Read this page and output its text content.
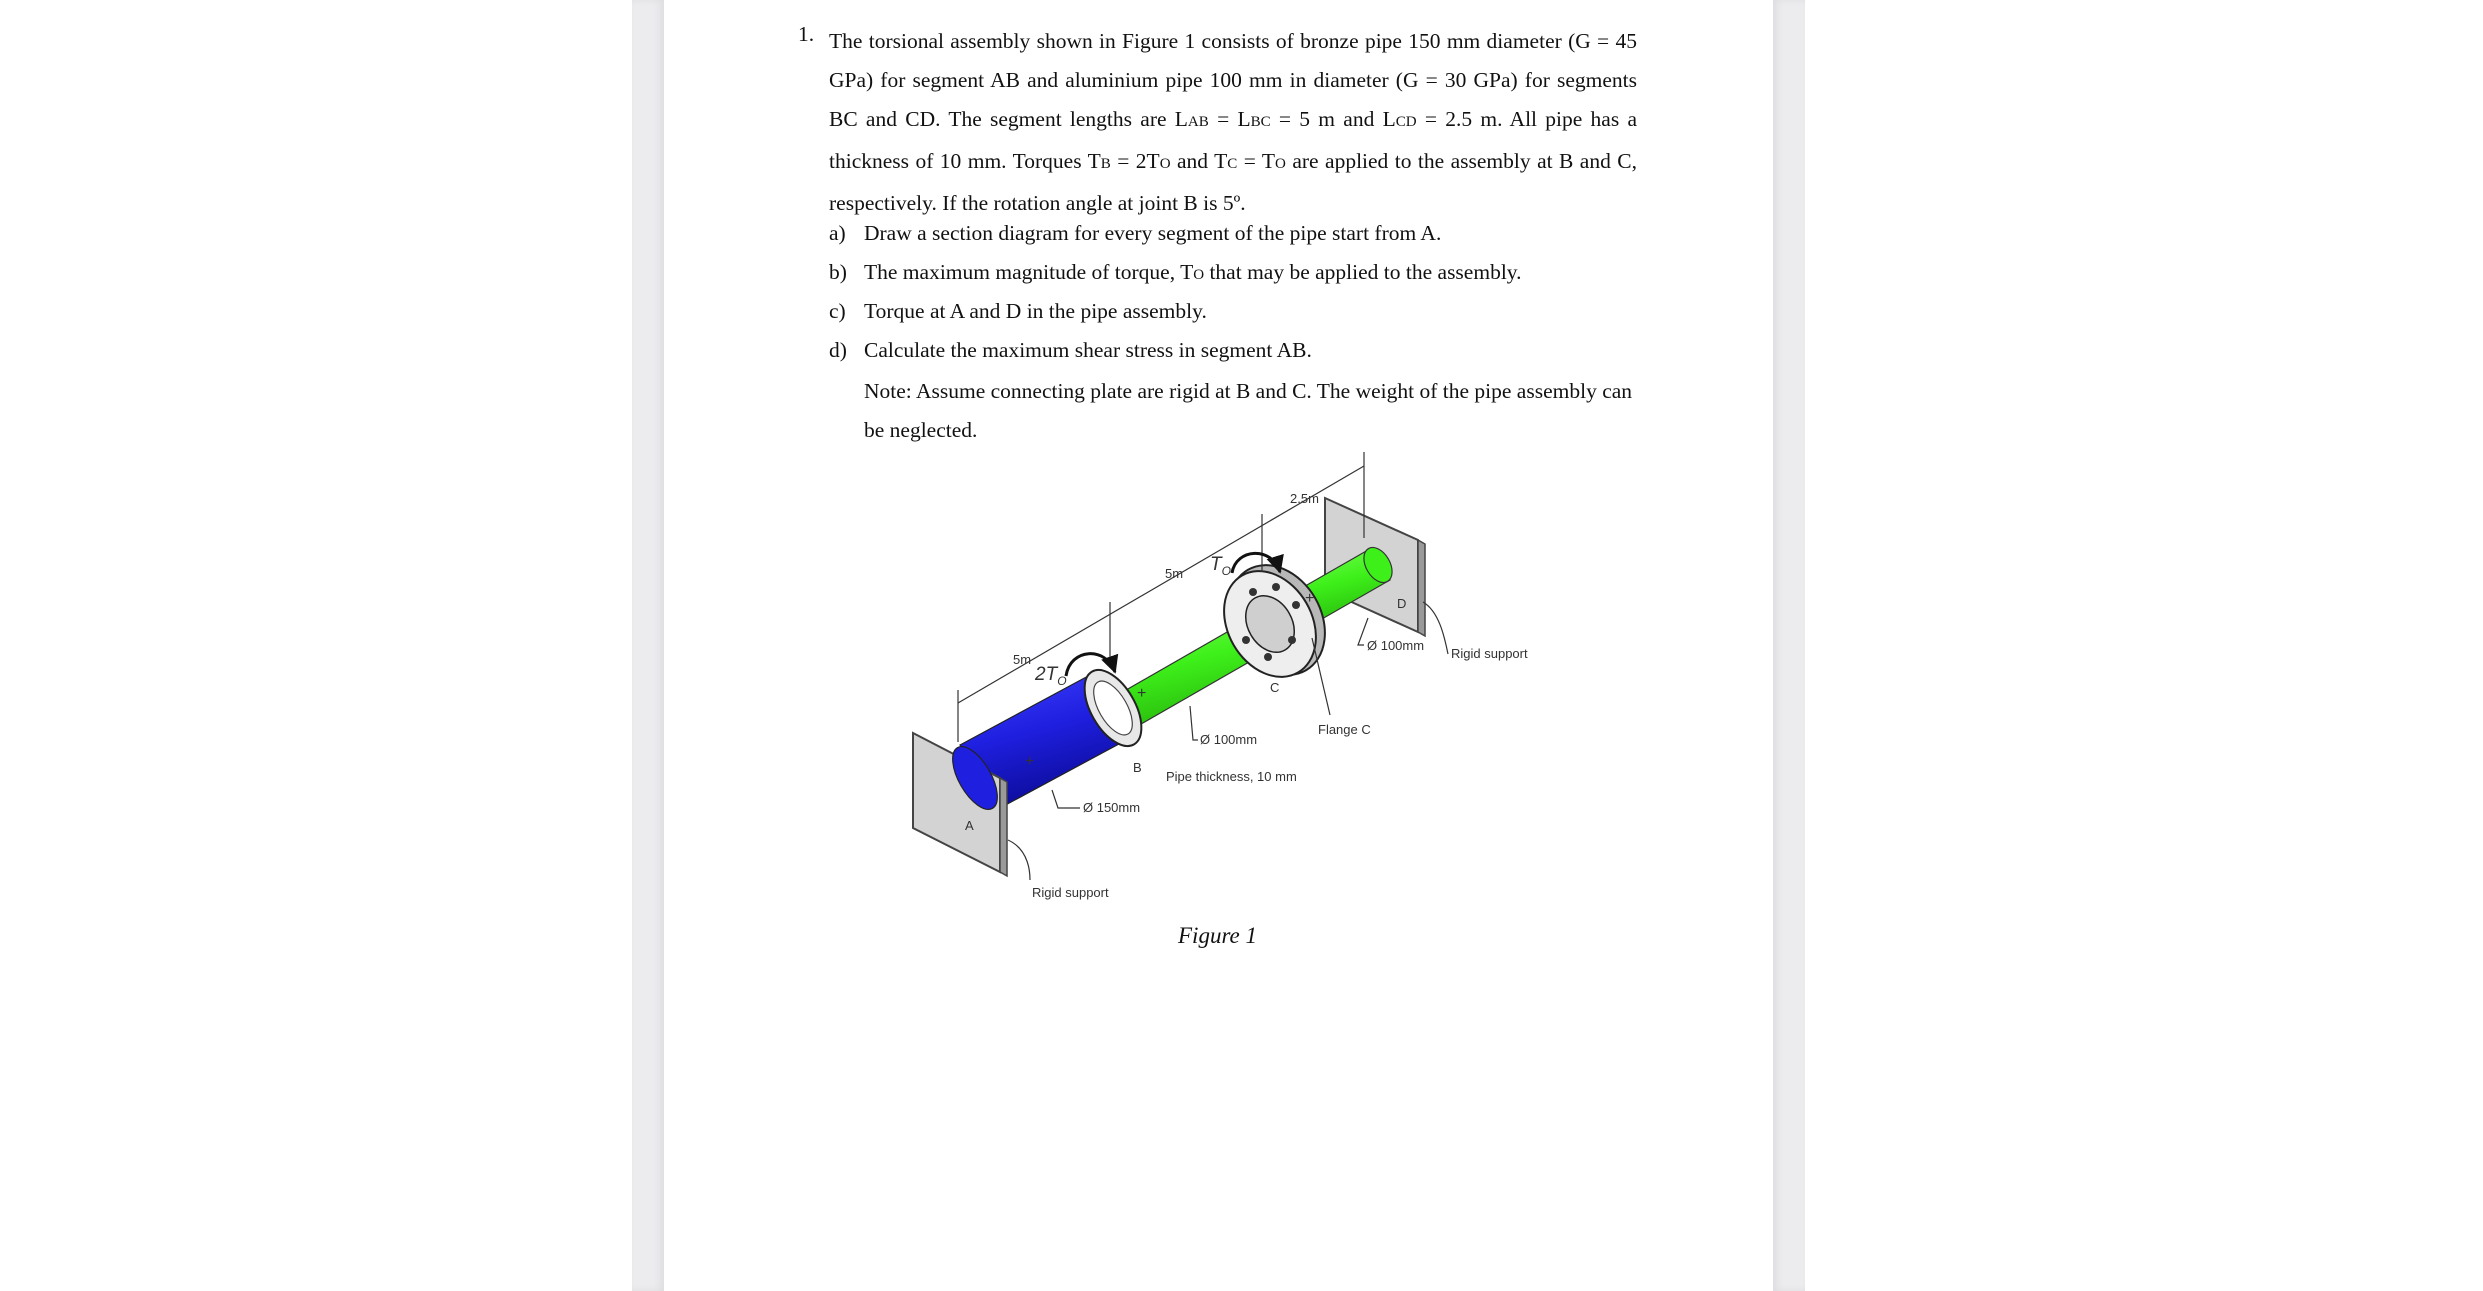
1. The torsional assembly shown in Figure 1 consists of bronze pipe 150 mm diameter (G = 45 GPa) for segment AB and aluminium pipe 100 mm in diameter (G = 30 GPa) for segments BC and CD. The segment lengths are LAB = LBC = 5 m and LCD = 2.5 m. All pipe has a thickness of 10 mm. Torques TB = 2TO and TC = TO are applied to the assembly at B and C, respectively. If the rotation angle at joint B is 5º.

a) Draw a section diagram for every segment of the pipe start from A.
b) The maximum magnitude of torque, TO that may be applied to the assembly.
c) Torque at A and D in the pipe assembly.
d) Calculate the maximum shear stress in segment AB.

Note: Assume connecting plate are rigid at B and C. The weight of the pipe assembly can be neglected.

5m
5m
2.5m
$2T_O$
$T_O$
+
+
+
A
B
C
D
Ø 150mm
Ø 100mm
Ø 100mm
Flange C
Pipe thickness, 10 mm
Rigid support
Rigid support
Figure 1
